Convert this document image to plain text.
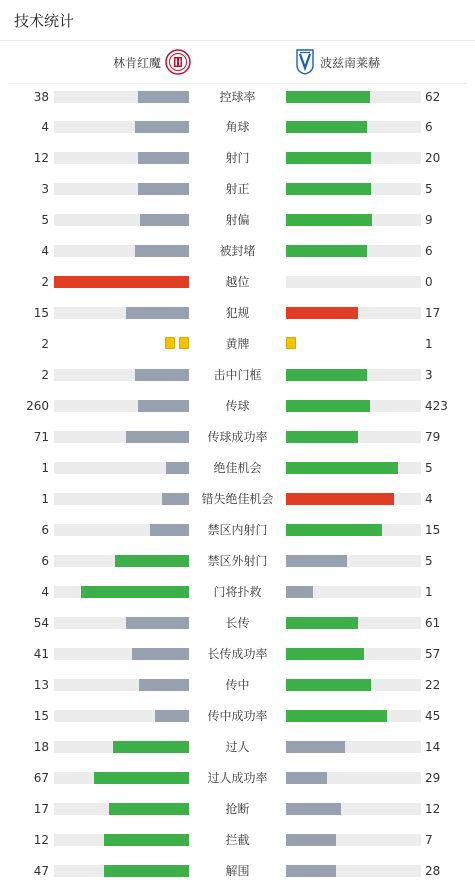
技术统计
林肯红魔	波兹南莱赫
38	控球率	62
4	角球	6
12	射门	20
3	射正	5
5	射偏	9
4	被封堵	6
2	越位	0
15	犯规	17
2	黄牌	1
2	击中门框	3
260	传球	423
71	传球成功率	79
1	绝佳机会	5
1	错失绝佳机会	4
6	禁区内射门	15
6	禁区外射门	5
4	门将扑救	1
54	长传	61
41	长传成功率	57
13	传中	22
15	传中成功率	45
18	过人	14
67	过人成功率	29
17	抢断	12
12	拦截	7
47	解围	28
